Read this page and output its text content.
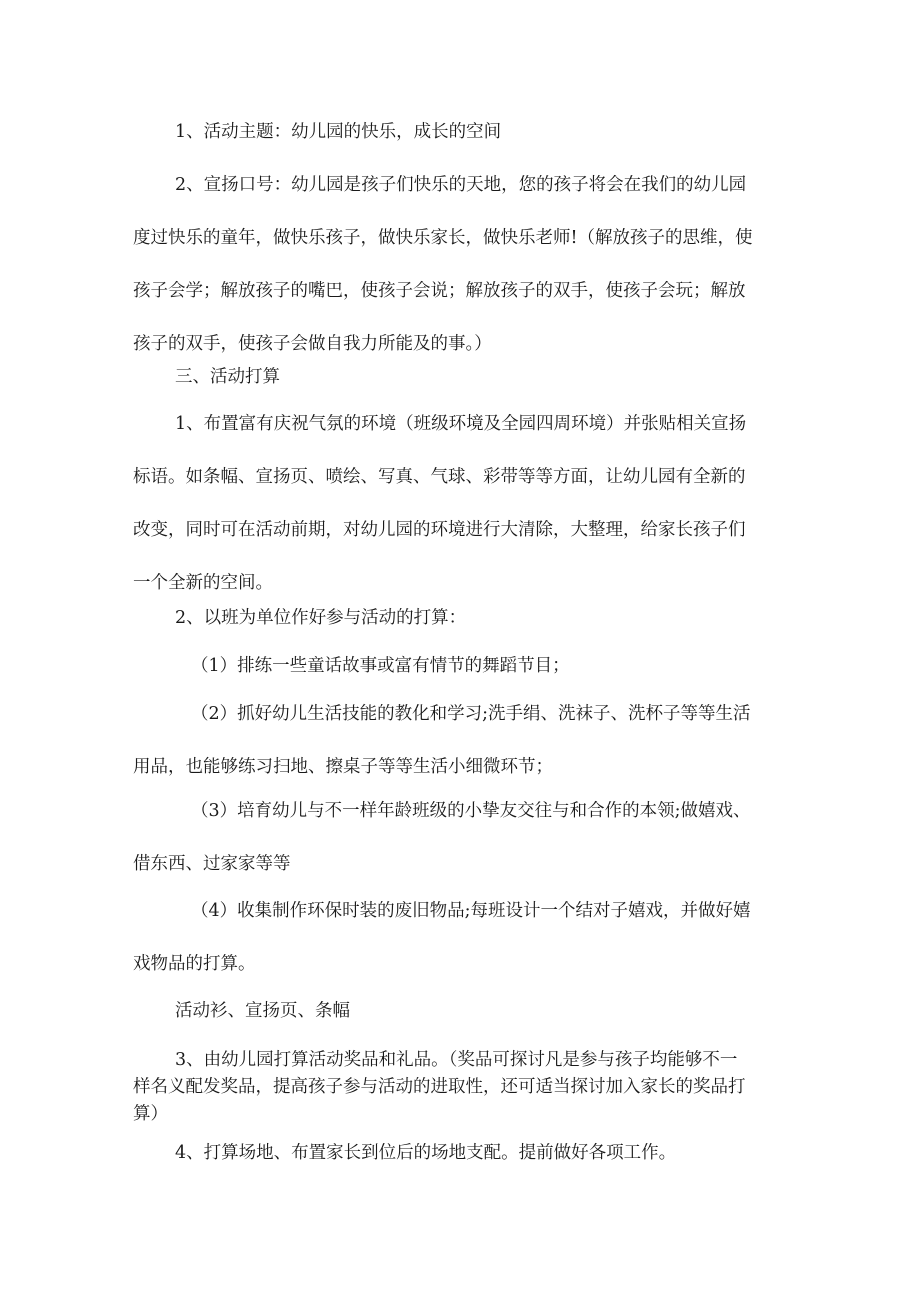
1、活动主题：幼儿园的快乐，成长的空间

2、宣扬口号：幼儿园是孩子们快乐的天地，您的孩子将会在我们的幼儿园
度过快乐的童年，做快乐孩子，做快乐家长，做快乐老师!（解放孩子的思维，使
孩子会学；解放孩子的嘴巴，使孩子会说；解放孩子的双手，使孩子会玩；解放
孩子的双手，使孩子会做自我力所能及的事。）

三、活动打算

1、布置富有庆祝气氛的环境（班级环境及全园四周环境）并张贴相关宣扬
标语。如条幅、宣扬页、喷绘、写真、气球、彩带等等方面，让幼儿园有全新的
改变，同时可在活动前期，对幼儿园的环境进行大清除，大整理，给家长孩子们
一个全新的空间。

2、以班为单位作好参与活动的打算：

（1）排练一些童话故事或富有情节的舞蹈节目；

（2）抓好幼儿生活技能的教化和学习;洗手绢、洗袜子、洗杯子等等生活
用品，也能够练习扫地、擦桌子等等生活小细微环节；

（3）培育幼儿与不一样年龄班级的小挚友交往与和合作的本领;做嬉戏、
借东西、过家家等等

（4）收集制作环保时装的废旧物品;每班设计一个结对子嬉戏，并做好嬉
戏物品的打算。

活动衫、宣扬页、条幅

3、由幼儿园打算活动奖品和礼品。（奖品可探讨凡是参与孩子均能够不一
样名义配发奖品，提高孩子参与活动的进取性，还可适当探讨加入家长的奖品打
算）

4、打算场地、布置家长到位后的场地支配。提前做好各项工作。
